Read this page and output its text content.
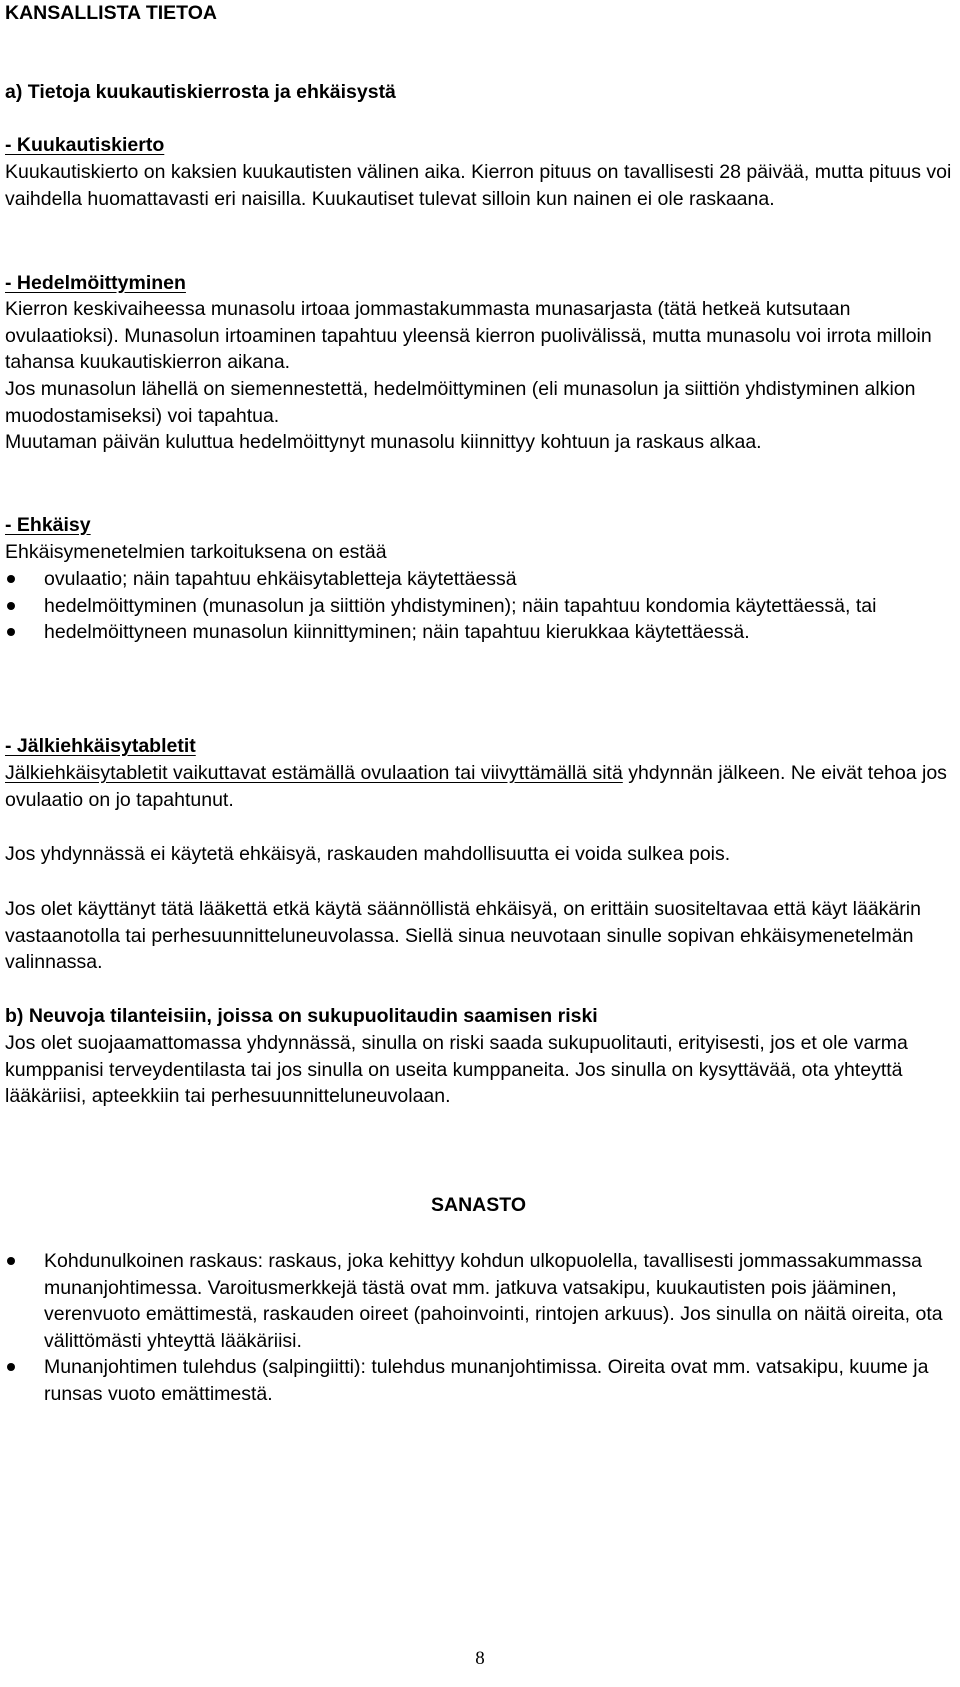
KANSALLISTA TIETOA

a) Tietoja kuukautiskierrosta ja ehkäisystä

- Kuukautiskierto

Kuukautiskierto on kaksien kuukautisten välinen aika. Kierron pituus on tavallisesti 28 päivää, mutta pituus voi vaihdella huomattavasti eri naisilla. Kuukautiset tulevat silloin kun nainen ei ole raskaana.

- Hedelmöittyminen

Kierron keskivaiheessa munasolu irtoaa jommastakummasta munasarjasta (tätä hetkeä kutsutaan ovulaatioksi). Munasolun irtoaminen tapahtuu yleensä kierron puolivälissä, mutta munasolu voi irrota milloin tahansa kuukautiskierron aikana.

Jos munasolun lähellä on siemennestettä, hedelmöittyminen (eli munasolun ja siittiön yhdistyminen alkion muodostamiseksi) voi tapahtua.

Muutaman päivän kuluttua hedelmöittynyt munasolu kiinnittyy kohtuun ja raskaus alkaa.

- Ehkäisy

Ehkäisymenetelmien tarkoituksena on estää

ovulaatio; näin tapahtuu ehkäisytabletteja käytettäessä
hedelmöittyminen (munasolun ja siittiön yhdistyminen); näin tapahtuu kondomia käytettäessä, tai
hedelmöittyneen munasolun kiinnittyminen; näin tapahtuu kierukkaa käytettäessä.

- Jälkiehkäisytabletit

Jälkiehkäisytabletit vaikuttavat estämällä ovulaation tai viivyttämällä sitä yhdynnän jälkeen. Ne eivät tehoa jos ovulaatio on jo tapahtunut.

Jos yhdynnässä ei käytetä ehkäisyä, raskauden mahdollisuutta ei voida sulkea pois.

Jos olet käyttänyt tätä lääkettä etkä käytä säännöllistä ehkäisyä, on erittäin suositeltavaa että käyt lääkärin vastaanotolla tai perhesuunnitteluneuvolassa. Siellä sinua neuvotaan sinulle sopivan ehkäisymenetelmän valinnassa.

b) Neuvoja tilanteisiin, joissa on sukupuolitaudin saamisen riski

Jos olet suojaamattomassa yhdynnässä, sinulla on riski saada sukupuolitauti, erityisesti, jos et ole varma kumppanisi terveydentilasta tai jos sinulla on useita kumppaneita. Jos sinulla on kysyttävää, ota yhteyttä lääkäriisi, apteekkiin tai perhesuunnitteluneuvolaan.

SANASTO

Kohdunulkoinen raskaus: raskaus, joka kehittyy kohdun ulkopuolella, tavallisesti jommassakummassa munanjohtimessa. Varoitusmerkkejä tästä ovat mm. jatkuva vatsakipu, kuukautisten pois jääminen, verenvuoto emättimestä, raskauden oireet (pahoinvointi, rintojen arkuus). Jos sinulla on näitä oireita, ota välittömästi yhteyttä lääkäriisi.
Munanjohtimen tulehdus (salpingiitti): tulehdus munanjohtimissa. Oireita ovat mm. vatsakipu, kuume ja runsas vuoto emättimestä.
8
